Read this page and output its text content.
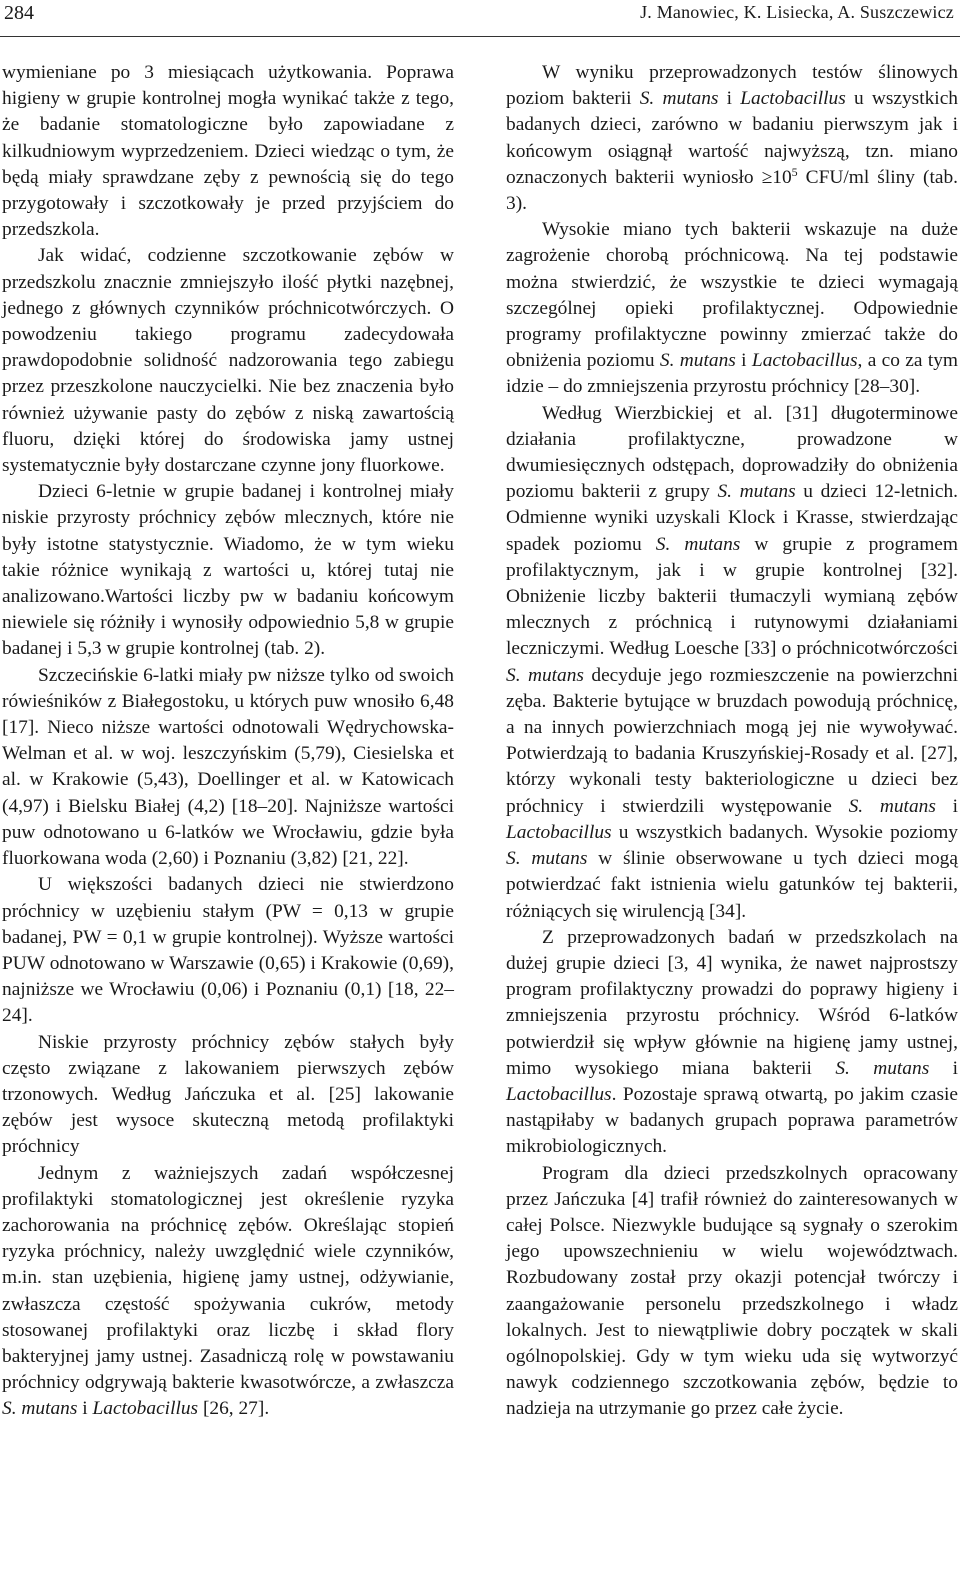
284	J. Manowiec, K. Lisiecka, A. Suszczewicz

wymieniane po 3 miesiącach użytkowania. Poprawa higieny w grupie kontrolnej mogła wynikać także z tego, że badanie stomatologiczne było zapowiadane z kilkudniowym wyprzedzeniem. Dzieci wiedząc o tym, że będą miały sprawdzane zęby z pewnością się do tego przygotowały i szczotkowały je przed przyjściem do przedszkola.

Jak widać, codzienne szczotkowanie zębów w przedszkolu znacznie zmniejszyło ilość płytki nazębnej, jednego z głównych czynników próchnicotwórczych. O powodzeniu takiego programu zadecydowała prawdopodobnie solidność nadzorowania tego zabiegu przez przeszkolone nauczycielki. Nie bez znaczenia było również używanie pasty do zębów z niską zawartością fluoru, dzięki której do środowiska jamy ustnej systematycznie były dostarczane czynne jony fluorkowe.

Dzieci 6-letnie w grupie badanej i kontrolnej miały niskie przyrosty próchnicy zębów mlecznych, które nie były istotne statystycznie. Wiadomo, że w tym wieku takie różnice wynikają z wartości u, której tutaj nie analizowano.Wartości liczby pw w badaniu końcowym niewiele się różniły i wynosiły odpowiednio 5,8 w grupie badanej i 5,3 w grupie kontrolnej (tab. 2).

Szczecińskie 6-latki miały pw niższe tylko od swoich rówieśników z Białegostoku, u których puw wnosiło 6,48 [17]. Nieco niższe wartości odnotowali Wędrychowska-Welman et al. w woj. leszczyńskim (5,79), Ciesielska et al. w Krakowie (5,43), Doellinger et al. w Katowicach (4,97) i Bielsku Białej (4,2) [18–20]. Najniższe wartości puw odnotowano u 6-latków we Wrocławiu, gdzie była fluorkowana woda (2,60) i Poznaniu (3,82) [21, 22].

U większości badanych dzieci nie stwierdzono próchnicy w uzębieniu stałym (PW = 0,13 w grupie badanej, PW = 0,1 w grupie kontrolnej). Wyższe wartości PUW odnotowano w Warszawie (0,65) i Krakowie (0,69), najniższe we Wrocławiu (0,06) i Poznaniu (0,1) [18, 22–24].

Niskie przyrosty próchnicy zębów stałych były często związane z lakowaniem pierwszych zębów trzonowych. Według Jańczuka et al. [25] lakowanie zębów jest wysoce skuteczną metodą profilaktyki próchnicy

Jednym z ważniejszych zadań współczesnej profilaktyki stomatologicznej jest określenie ryzyka zachorowania na próchnicę zębów. Określając stopień ryzyka próchnicy, należy uwzględnić wiele czynników, m.in. stan uzębienia, higienę jamy ustnej, odżywianie, zwłaszcza częstość spożywania cukrów, metody stosowanej profilaktyki oraz liczbę i skład flory bakteryjnej jamy ustnej. Zasadniczą rolę w powstawaniu próchnicy odgrywają bakterie kwasotwórcze, a zwłaszcza S. mutans i Lactobacillus [26, 27].

W wyniku przeprowadzonych testów ślinowych poziom bakterii S. mutans i Lactobacillus u wszystkich badanych dzieci, zarówno w badaniu pierwszym jak i końcowym osiągnął wartość najwyższą, tzn. miano oznaczonych bakterii wyniosło $\ge 10^5$ CFU/ml śliny (tab. 3).

Wysokie miano tych bakterii wskazuje na duże zagrożenie chorobą próchnicową. Na tej podstawie można stwierdzić, że wszystkie te dzieci wymagają szczególnej opieki profilaktycznej. Odpowiednie programy profilaktyczne powinny zmierzać także do obniżenia poziomu S. mutans i Lactobacillus, a co za tym idzie – do zmniejszenia przyrostu próchnicy [28–30].

Według Wierzbickiej et al. [31] długoterminowe działania profilaktyczne, prowadzone w dwumiesięcznych odstępach, doprowadziły do obniżenia poziomu bakterii z grupy S. mutans u dzieci 12-letnich. Odmienne wyniki uzyskali Klock i Krasse, stwierdzając spadek poziomu S. mutans w grupie z programem profilaktycznym, jak i w grupie kontrolnej [32]. Obniżenie liczby bakterii tłumaczyli wymianą zębów mlecznych z próchnicą i rutynowymi działaniami leczniczymi. Według Loesche [33] o próchnicotwórczości S. mutans decyduje jego rozmieszczenie na powierzchni zęba. Bakterie bytujące w bruzdach powodują próchnicę, a na innych powierzchniach mogą jej nie wywoływać. Potwierdzają to badania Kruszyńskiej-Rosady et al. [27], którzy wykonali testy bakteriologiczne u dzieci bez próchnicy i stwierdzili występowanie S. mutans i Lactobacillus u wszystkich badanych. Wysokie poziomy S. mutans w ślinie obserwowane u tych dzieci mogą potwierdzać fakt istnienia wielu gatunków tej bakterii, różniących się wirulencją [34].

Z przeprowadzonych badań w przedszkolach na dużej grupie dzieci [3, 4] wynika, że nawet najprostszy program profilaktyczny prowadzi do poprawy higieny i zmniejszenia przyrostu próchnicy. Wśród 6-latków potwierdził się wpływ głównie na higienę jamy ustnej, mimo wysokiego miana bakterii S. mutans i Lactobacillus. Pozostaje sprawą otwartą, po jakim czasie nastąpiłaby w badanych grupach poprawa parametrów mikrobiologicznych.

Program dla dzieci przedszkolnych opracowany przez Jańczuka [4] trafił również do zainteresowanych w całej Polsce. Niezwykle budujące są sygnały o szerokim jego upowszechnieniu w wielu województwach. Rozbudowany został przy okazji potencjał twórczy i zaangażowanie personelu przedszkolnego i władz lokalnych. Jest to niewątpliwie dobry początek w skali ogólnopolskiej. Gdy w tym wieku uda się wytworzyć nawyk codziennego szczotkowania zębów, będzie to nadzieja na utrzymanie go przez całe życie.
